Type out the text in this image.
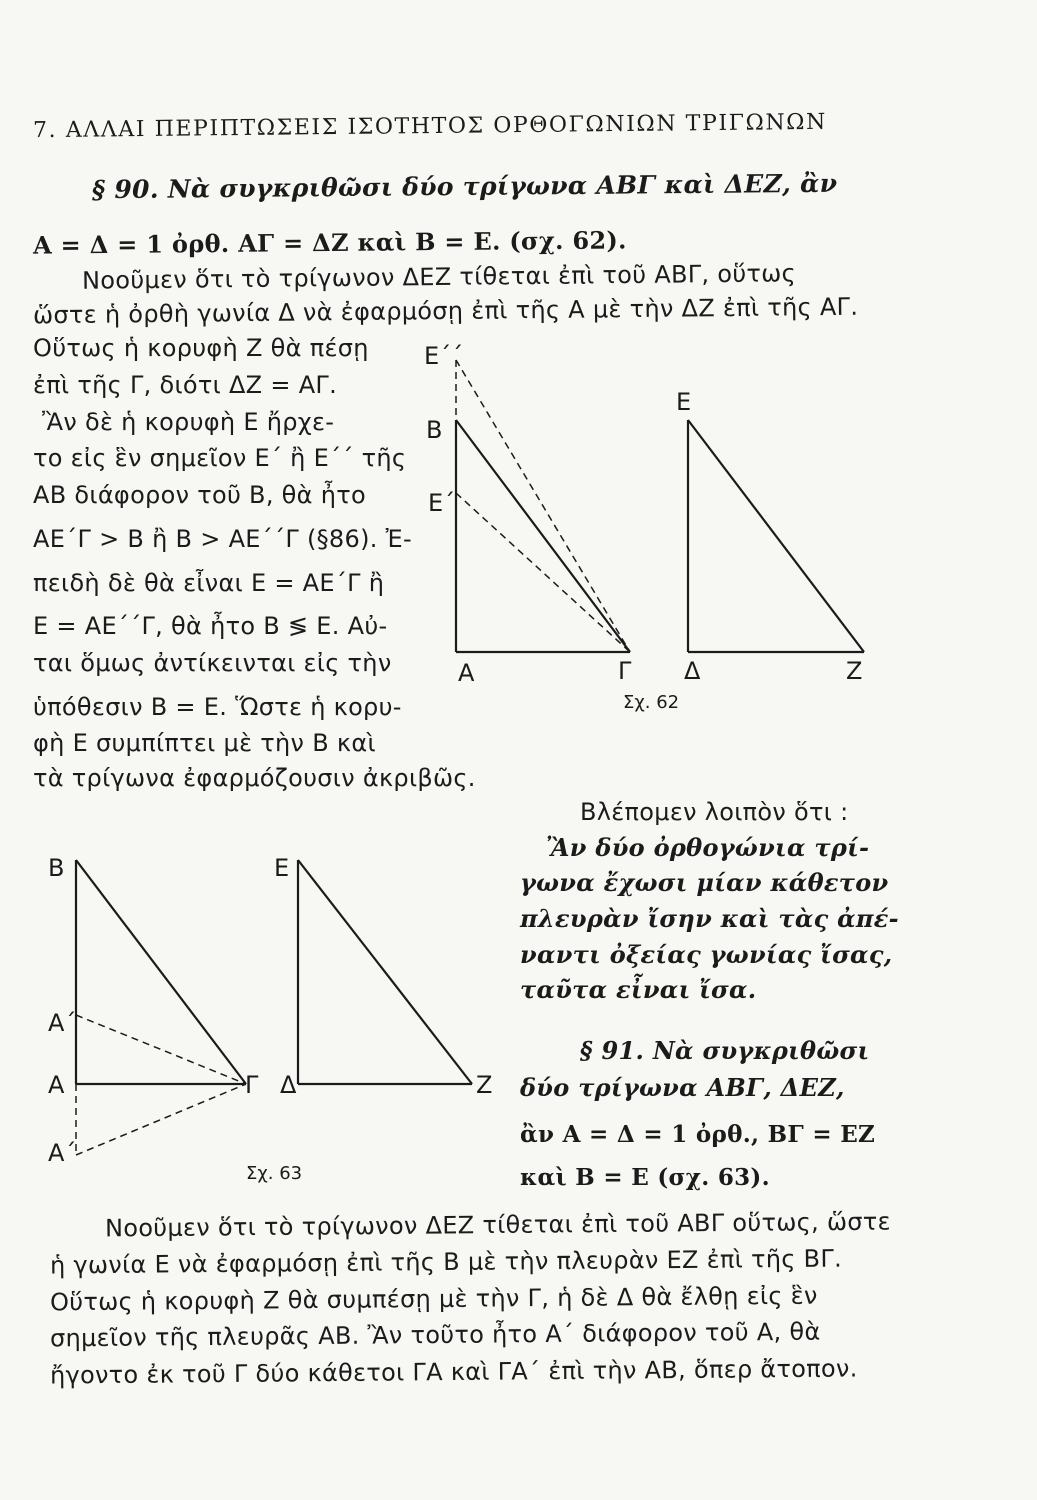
7. ΑΛΛΑΙ ΠΕΡΙΠΤΩΣΕΙΣ ΙΣΟΤΗΤΟΣ ΟΡΘΟΓΩΝΙΩΝ ΤΡΙΓΩΝΩΝ
§ 90. Νὰ συγκριθῶσι δύο τρίγωνα ΑΒΓ καὶ ΔΕΖ, ἂν
Α = Δ = 1 ὀρθ. ΑΓ = ΔΖ καὶ Β = Ε. (σχ. 62).
Νοοῦμεν ὅτι τὸ τρίγωνον ΔΕΖ τίθεται ἐπὶ τοῦ ΑΒΓ, οὕτως
ὥστε ἡ ὀρθὴ γωνία Δ νὰ ἐφαρμόσῃ ἐπὶ τῆς Α μὲ τὴν ΔΖ ἐπὶ τῆς ΑΓ.
Οὕτως ἡ κορυφὴ Ζ θὰ πέσῃ
ἐπὶ τῆς Γ, διότι ΔΖ = ΑΓ.
Ἂν δὲ ἡ κορυφὴ Ε ἤρχε-
το εἰς ἓν σημεῖον Ε΄ ἢ Ε΄΄ τῆς
ΑΒ διάφορον τοῦ Β, θὰ ἦτο
ΑΕ΄Γ > Β ἢ Β > ΑΕ΄΄Γ (§86). Ἐ-
πειδὴ δὲ θὰ εἶναι Ε = ΑΕ΄Γ ἢ
Ε = ΑΕ΄΄Γ, θὰ ἦτο Β ≶ Ε. Αὐ-
ται ὅμως ἀντίκεινται εἰς τὴν
ὑπόθεσιν Β = Ε. Ὥστε ἡ κορυ-
φὴ Ε συμπίπτει μὲ τὴν Β καὶ
τὰ τρίγωνα ἐφαρμόζουσιν ἀκριβῶς.
Ε΄΄
Β
Ε΄
Α	Γ
Ε
Δ	Ζ
Σχ. 62
Βλέπομεν λοιπὸν ὅτι :
Ἂν δύο ὀρθογώνια τρί-
γωνα ἔχωσι μίαν κάθετον
πλευρὰν ἴσην καὶ τὰς ἀπέ-
ναντι ὀξείας γωνίας ἴσας,
ταῦτα εἶναι ἴσα.
Β
Α΄
Α
Α΄
Γ
Ε
Δ	Ζ
Σχ. 63
§ 91. Νὰ συγκριθῶσι
δύο τρίγωνα ΑΒΓ, ΔΕΖ,
ἂν Α = Δ = 1 ὀρθ., ΒΓ = ΕΖ
καὶ Β = Ε (σχ. 63).
Νοοῦμεν ὅτι τὸ τρίγωνον ΔΕΖ τίθεται ἐπὶ τοῦ ΑΒΓ οὕτως, ὥστε
ἡ γωνία Ε νὰ ἐφαρμόσῃ ἐπὶ τῆς Β μὲ τὴν πλευρὰν ΕΖ ἐπὶ τῆς ΒΓ.
Οὕτως ἡ κορυφὴ Ζ θὰ συμπέσῃ μὲ τὴν Γ, ἡ δὲ Δ θὰ ἔλθῃ εἰς ἓν
σημεῖον τῆς πλευρᾶς ΑΒ. Ἂν τοῦτο ἦτο Α΄ διάφορον τοῦ Α, θὰ
ἤγοντο ἐκ τοῦ Γ δύο κάθετοι ΓΑ καὶ ΓΑ΄ ἐπὶ τὴν ΑΒ, ὅπερ ἄτοπον.
